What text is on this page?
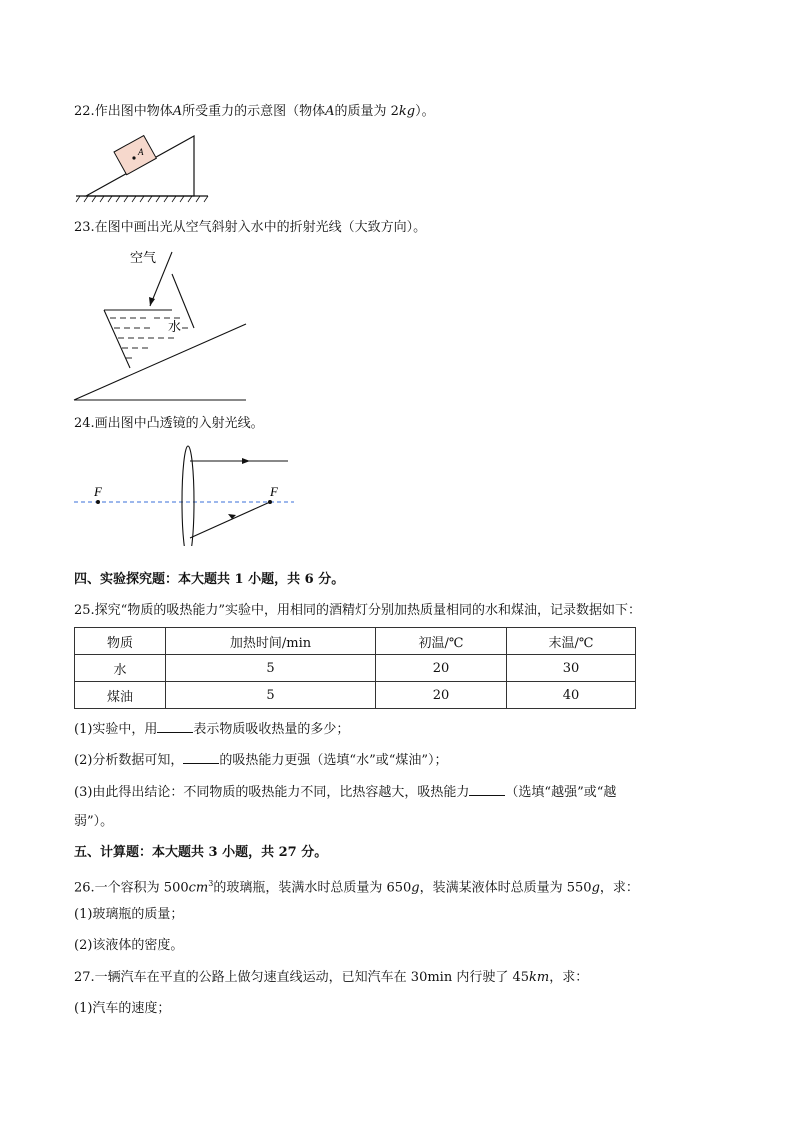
22.作出图中物体A所受重力的示意图（物体A的质量为 2kg）。
A
23.在图中画出光从空气斜射入水中的折射光线（大致方向）。
空气
水
24.画出图中凸透镜的入射光线。
F	F
四、实验探究题：本大题共 1 小题，共 6 分。
25.探究“物质的吸热能力”实验中，用相同的酒精灯分别加热质量相同的水和煤油，记录数据如下：
物质	加热时间/min	初温/℃	末温/℃
水	5	20	30
煤油	5	20	40
(1)实验中，用	表示物质吸收热量的多少；
(2)分析数据可知，	的吸热能力更强（选填“水”或“煤油”）；
(3)由此得出结论：不同物质的吸热能力不同，比热容越大，吸热能力	（选填“越强”或“越
弱”）。
五、计算题：本大题共 3 小题，共 27 分。
26.一个容积为 $500cm^3$的玻璃瓶，装满水时总质量为 650g，装满某液体时总质量为 550g，求：
(1)玻璃瓶的质量；
(2)该液体的密度。
27.一辆汽车在平直的公路上做匀速直线运动，已知汽车在 30min 内行驶了 45km，求：
(1)汽车的速度；
